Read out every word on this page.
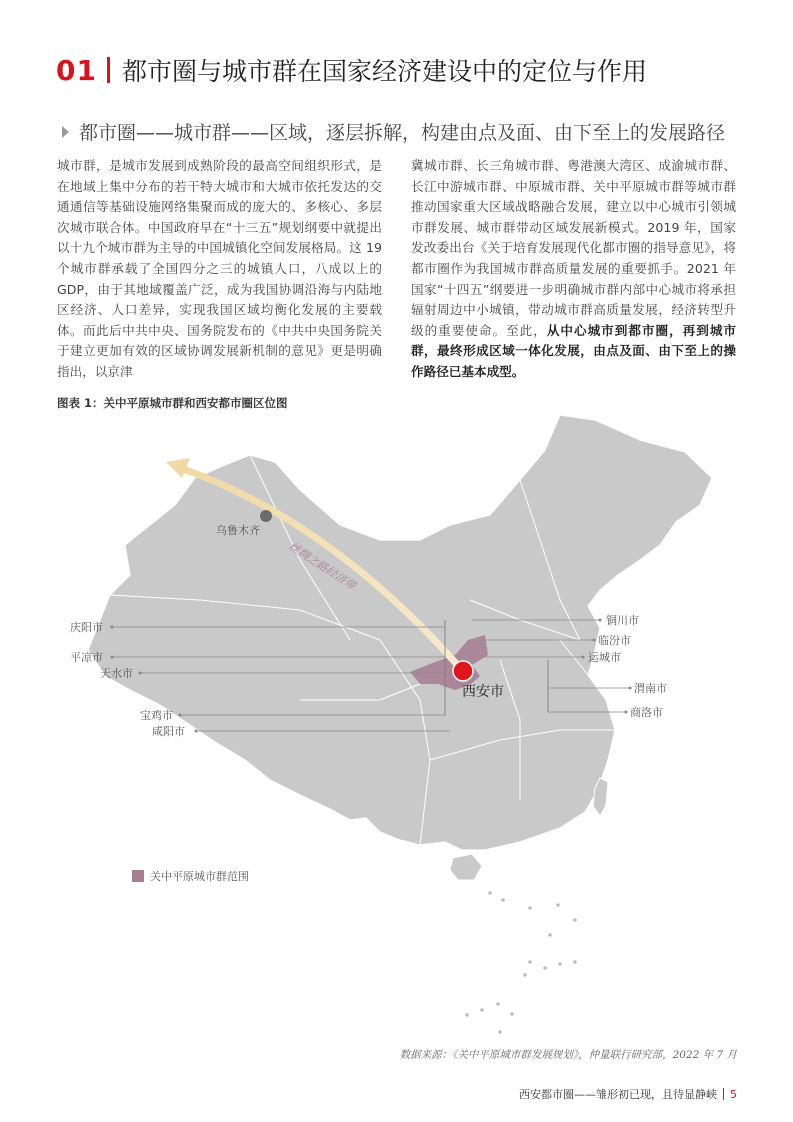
01 都市圈与城市群在国家经济建设中的定位与作用
都市圈——城市群——区域，逐层拆解，构建由点及面、由下至上的发展路径
城市群，是城市发展到成熟阶段的最高空间组织形式，是在地域上集中分布的若干特大城市和大城市依托发达的交通通信等基础设施网络集聚而成的庞大的、多核心、多层次城市联合体。中国政府早在“十三五”规划纲要中就提出以十九个城市群为主导的中国城镇化空间发展格局。这 19 个城市群承载了全国四分之三的城镇人口，八成以上的 GDP，由于其地域覆盖广泛，成为我国协调沿海与内陆地区经济、人口差异，实现我国区域均衡化发展的主要载体。而此后中共中央、国务院发布的《中共中央国务院关于建立更加有效的区域协调发展新机制的意见》更是明确指出，以京津
冀城市群、长三角城市群、粤港澳大湾区、成渝城市群、长江中游城市群、中原城市群、关中平原城市群等城市群推动国家重大区域战略融合发展，建立以中心城市引领城市群发展、城市群带动区域发展新模式。2019 年，国家发改委出台《关于培育发展现代化都市圈的指导意见》，将都市圈作为我国城市群高质量发展的重要抓手。2021 年国家“十四五”纲要进一步明确城市群内部中心城市将承担辐射周边中小城镇，带动城市群高质量发展，经济转型升级的重要使命。至此，从中心城市到都市圈，再到城市群，最终形成区域一体化发展，由点及面、由下至上的操作路径已基本成型。
图表 1：关中平原城市群和西安都市圈区位图
丝绸之路经济带
乌鲁木齐
西安市
庆阳市
平凉市
天水市
宝鸡市
咸阳市
铜川市
临汾市
运城市
渭南市
商洛市
关中平原城市群范围
数据来源：《关中平原城市群发展规划》，仲量联行研究部，2022 年 7 月
西安都市圈——雏形初已现，且待显静峡 5
